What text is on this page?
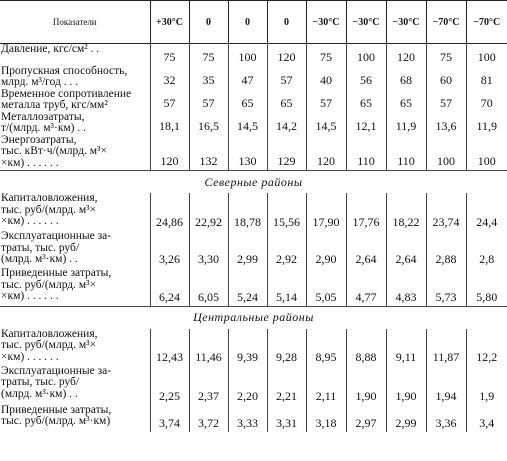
Показатели	+30°С	0	0	0	−30°С	−30°С	−30°С	−70°С	−70°С
Давление, кгс/см² . .	75	75	100	120	75	100	120	75	100
Пропускная способность,
млрд. м³/год . . .	32	35	47	57	40	56	68	60	81
Временное сопротивление
металла труб, кгс/мм²	57	57	65	65	57	65	65	57	70
Металлозатраты,
т/(млрд. м³·км) . .	18,1	16,5	14,5	14,2	14,5	12,1	11,9	13,6	11,9
Энергозатраты,
тыс. кВт·ч/(млрд. м³×
×км) . . . . . .	120	132	130	129	120	110	110	100	100
Северные районы									
Капиталовложения,
тыс. руб/(млрд. м³×
×км) . . . . . .	24,86	22,92	18,78	15,56	17,90	17,76	18,22	23,74	24,4
Эксплуатационные за-
траты, тыс. руб/
(млрд. м³·км) . .	3,26	3,30	2,99	2,92	2,90	2,64	2,64	2,88	2,8
Приведенные затраты,
тыс. руб/(млрд. м³×
×км) . . . . . .	6,24	6,05	5,24	5,14	5,05	4,77	4,83	5,73	5,80
Центральные районы									
Капиталовложения,
тыс. руб/(млрд. м³×
×км) . . . . . .	12,43	11,46	9,39	9,28	8,95	8,88	9,11	11,87	12,2
Эксплуатационные за-
траты, тыс. руб/
(млрд. м³·км) . .	2,25	2,37	2,20	2,21	2,11	1,90	1,90	1,94	1,9
Приведенные затраты,
тыс. руб/(млрд. м³·км)	3,74	3,72	3,33	3,31	3,18	2,97	2,99	3,36	3,4
